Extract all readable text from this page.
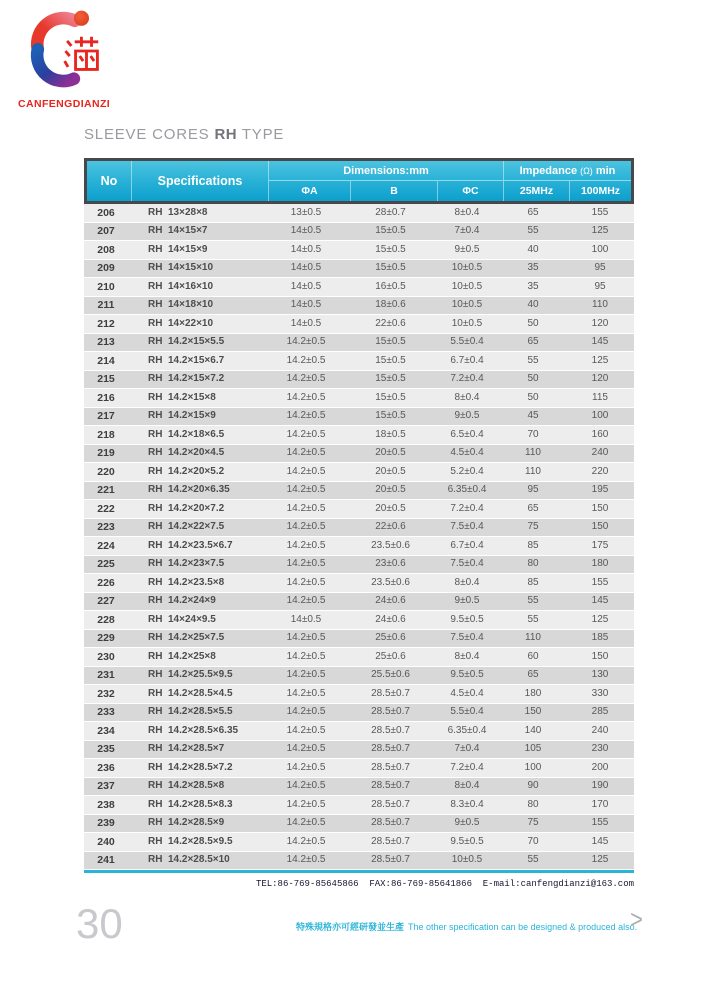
CANFENGDIANZI
SLEEVE CORES RH TYPE
No	Specifications
Dimensions:mm	Impedance (Ω) min
ΦA	B	ΦC	25MHz	100MHz
206	RH  13×28×8	13±0.5	28±0.7	8±0.4	65	155
207	RH  14×15×7	14±0.5	15±0.5	7±0.4	55	125
208	RH  14×15×9	14±0.5	15±0.5	9±0.5	40	100
209	RH  14×15×10	14±0.5	15±0.5	10±0.5	35	95
210	RH  14×16×10	14±0.5	16±0.5	10±0.5	35	95
211	RH  14×18×10	14±0.5	18±0.6	10±0.5	40	110
212	RH  14×22×10	14±0.5	22±0.6	10±0.5	50	120
213	RH  14.2×15×5.5	14.2±0.5	15±0.5	5.5±0.4	65	145
214	RH  14.2×15×6.7	14.2±0.5	15±0.5	6.7±0.4	55	125
215	RH  14.2×15×7.2	14.2±0.5	15±0.5	7.2±0.4	50	120
216	RH  14.2×15×8	14.2±0.5	15±0.5	8±0.4	50	115
217	RH  14.2×15×9	14.2±0.5	15±0.5	9±0.5	45	100
218	RH  14.2×18×6.5	14.2±0.5	18±0.5	6.5±0.4	70	160
219	RH  14.2×20×4.5	14.2±0.5	20±0.5	4.5±0.4	110	240
220	RH  14.2×20×5.2	14.2±0.5	20±0.5	5.2±0.4	110	220
221	RH  14.2×20×6.35	14.2±0.5	20±0.5	6.35±0.4	95	195
222	RH  14.2×20×7.2	14.2±0.5	20±0.5	7.2±0.4	65	150
223	RH  14.2×22×7.5	14.2±0.5	22±0.6	7.5±0.4	75	150
224	RH  14.2×23.5×6.7	14.2±0.5	23.5±0.6	6.7±0.4	85	175
225	RH  14.2×23×7.5	14.2±0.5	23±0.6	7.5±0.4	80	180
226	RH  14.2×23.5×8	14.2±0.5	23.5±0.6	8±0.4	85	155
227	RH  14.2×24×9	14.2±0.5	24±0.6	9±0.5	55	145
228	RH  14×24×9.5	14±0.5	24±0.6	9.5±0.5	55	125
229	RH  14.2×25×7.5	14.2±0.5	25±0.6	7.5±0.4	110	185
230	RH  14.2×25×8	14.2±0.5	25±0.6	8±0.4	60	150
231	RH  14.2×25.5×9.5	14.2±0.5	25.5±0.6	9.5±0.5	65	130
232	RH  14.2×28.5×4.5	14.2±0.5	28.5±0.7	4.5±0.4	180	330
233	RH  14.2×28.5×5.5	14.2±0.5	28.5±0.7	5.5±0.4	150	285
234	RH  14.2×28.5×6.35	14.2±0.5	28.5±0.7	6.35±0.4	140	240
235	RH  14.2×28.5×7	14.2±0.5	28.5±0.7	7±0.4	105	230
236	RH  14.2×28.5×7.2	14.2±0.5	28.5±0.7	7.2±0.4	100	200
237	RH  14.2×28.5×8	14.2±0.5	28.5±0.7	8±0.4	90	190
238	RH  14.2×28.5×8.3	14.2±0.5	28.5±0.7	8.3±0.4	80	170
239	RH  14.2×28.5×9	14.2±0.5	28.5±0.7	9±0.5	75	155
240	RH  14.2×28.5×9.5	14.2±0.5	28.5±0.7	9.5±0.5	70	145
241	RH  14.2×28.5×10	14.2±0.5	28.5±0.7	10±0.5	55	125
TEL:86-769-85645866  FAX:86-769-85641866  E-mail:canfengdianzi@163.com
30	特殊規格亦可經研發並生產 The other specification can be designed & produced also.
>
